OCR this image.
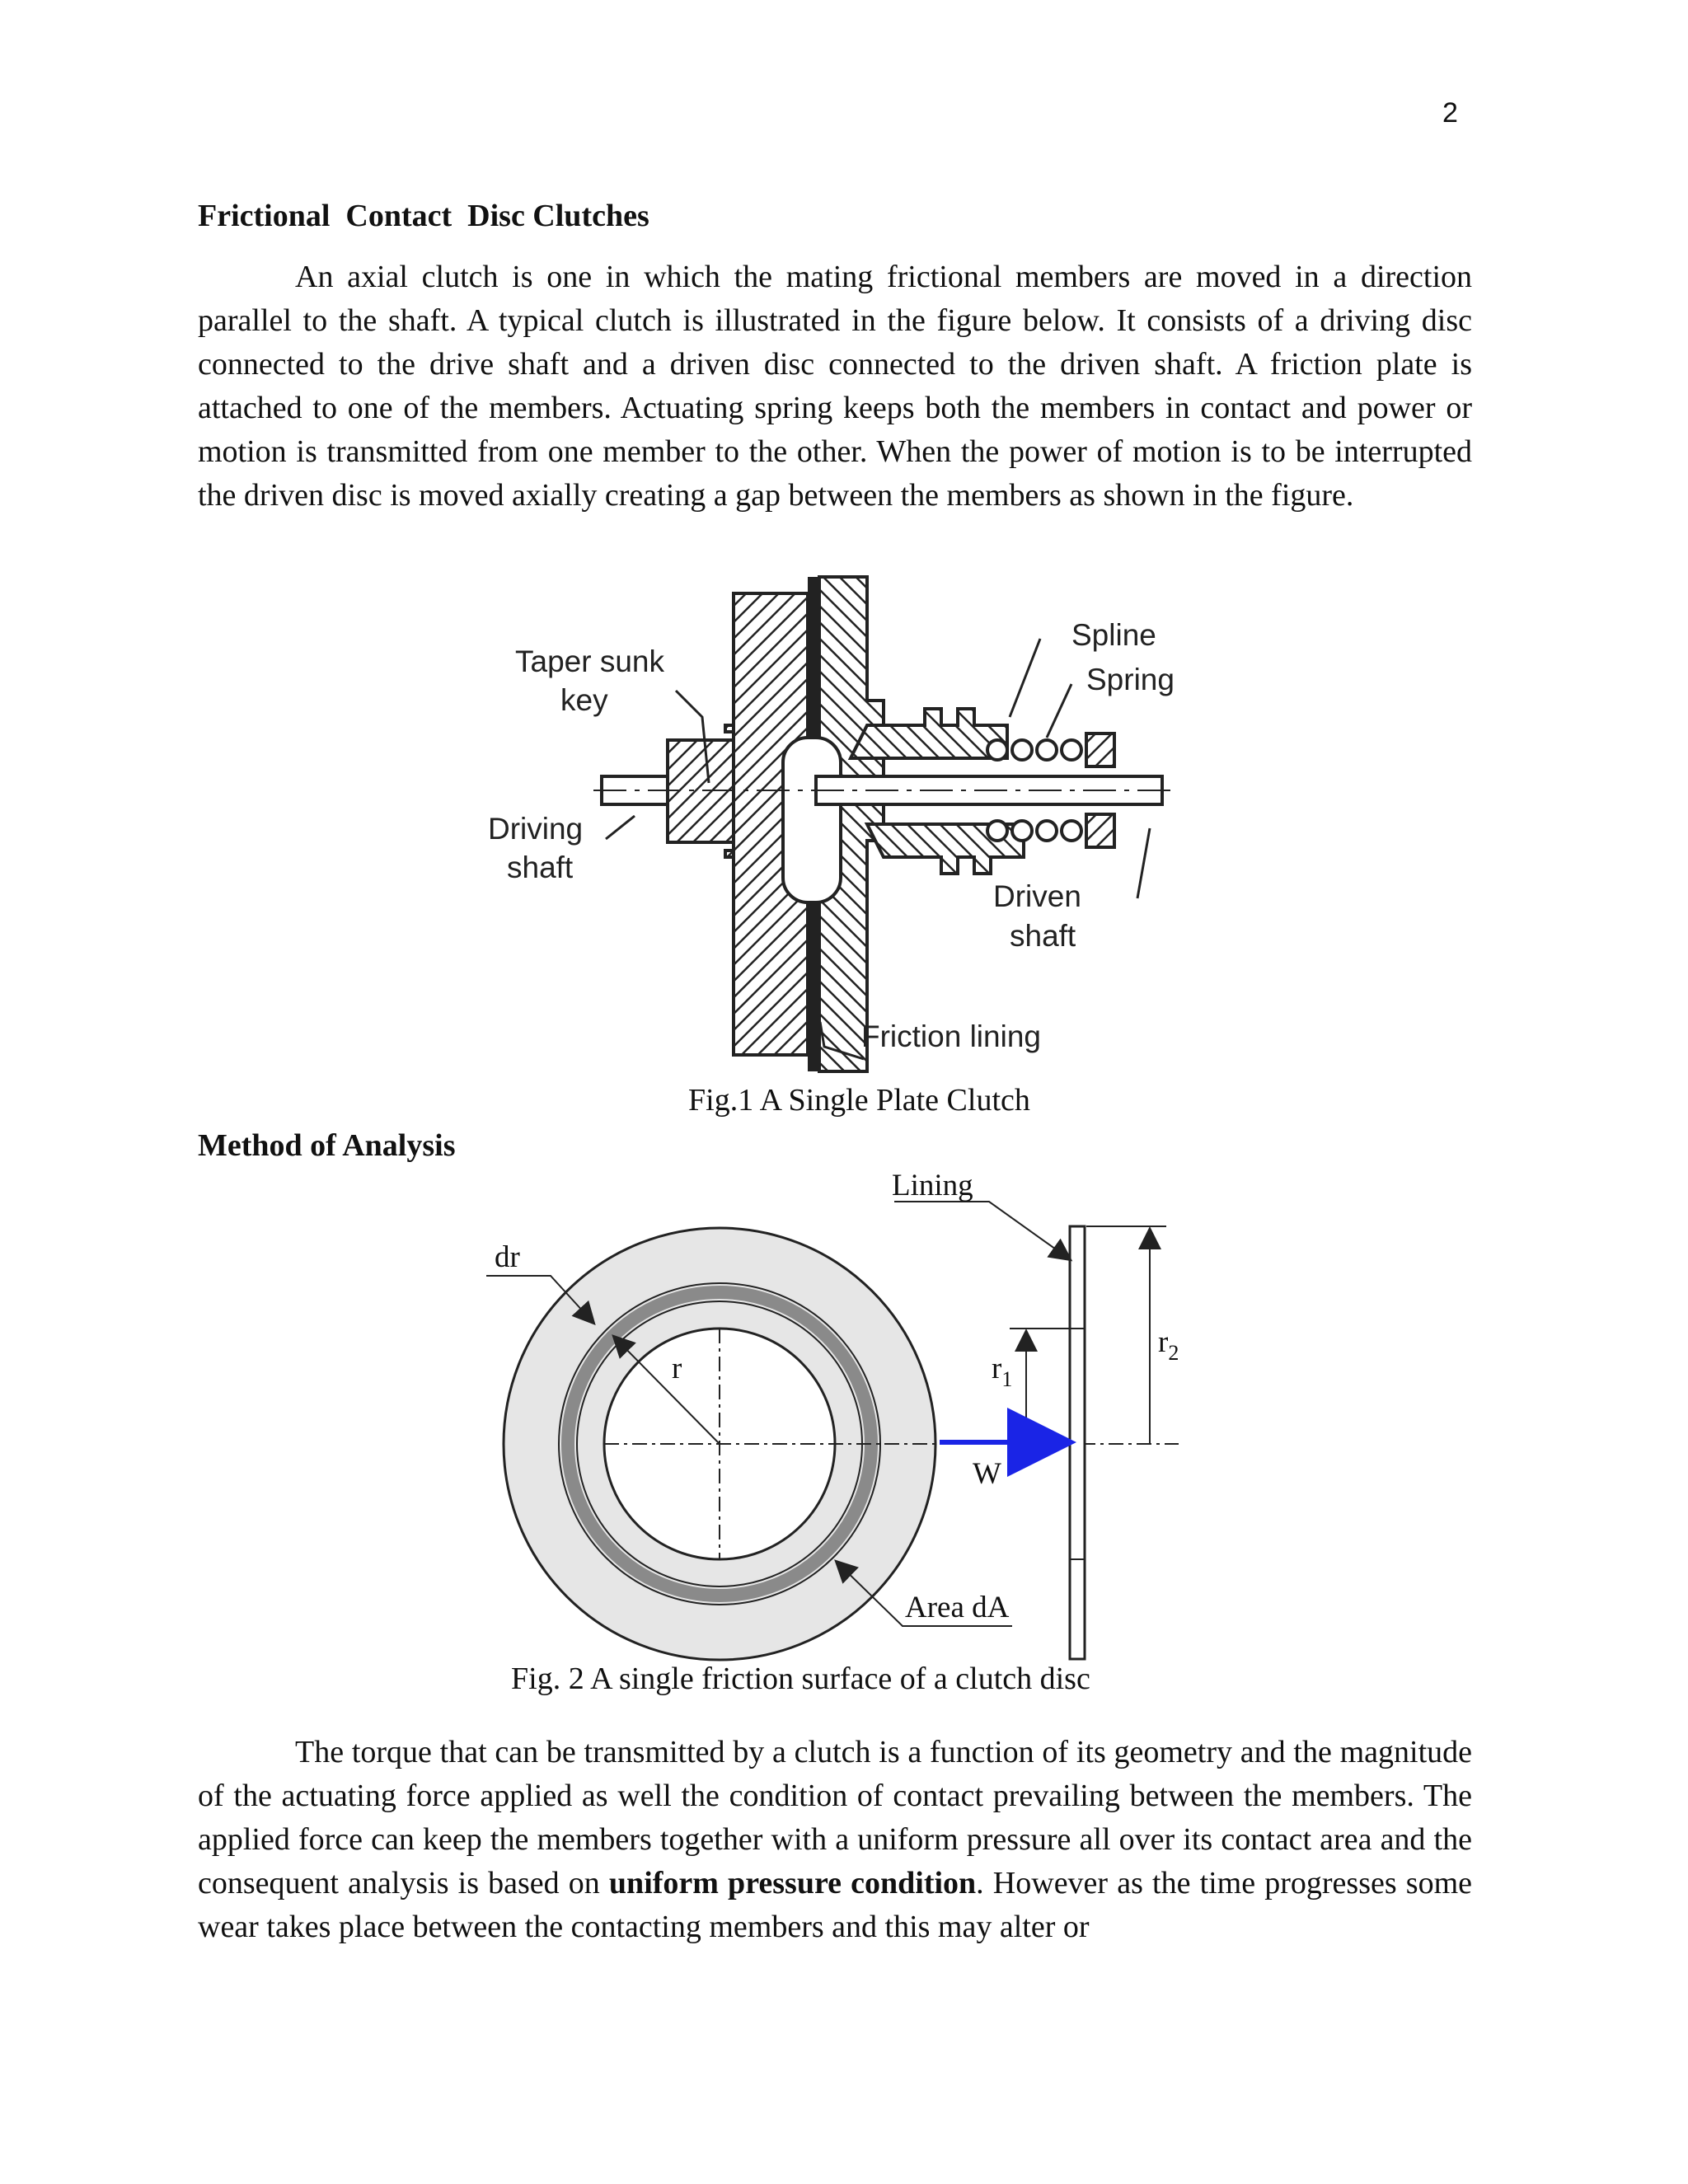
2
Frictional  Contact  Disc Clutches

An axial clutch is one in which the mating frictional members are moved in a direction parallel to the shaft. A typical clutch is illustrated in the figure below. It consists of a driving disc connected to the drive shaft and a driven disc connected to the driven shaft. A friction plate is attached to one of the members. Actuating spring keeps both the members in contact and power or motion is transmitted from one member to the other. When the power of motion is to be interrupted the driven disc is moved axially creating a gap between the members as shown in the figure.

Taper sunk
key
Driving
shaft
Spline
Spring
Driven
shaft
Friction lining
Fig.1 A Single Plate Clutch
Method of Analysis
Lining
dr
r	$r_1$
$r_2$
W
Area dA
Fig. 2 A single friction surface of a clutch disc

The torque that can be transmitted by a clutch is a function of its geometry and the magnitude of the actuating force applied as well the condition of contact prevailing between the members. The applied force can keep the members together with a uniform pressure all over its contact area and the consequent analysis is based on uniform pressure condition. However as the time progresses some wear takes place between the contacting members and this may alter or
